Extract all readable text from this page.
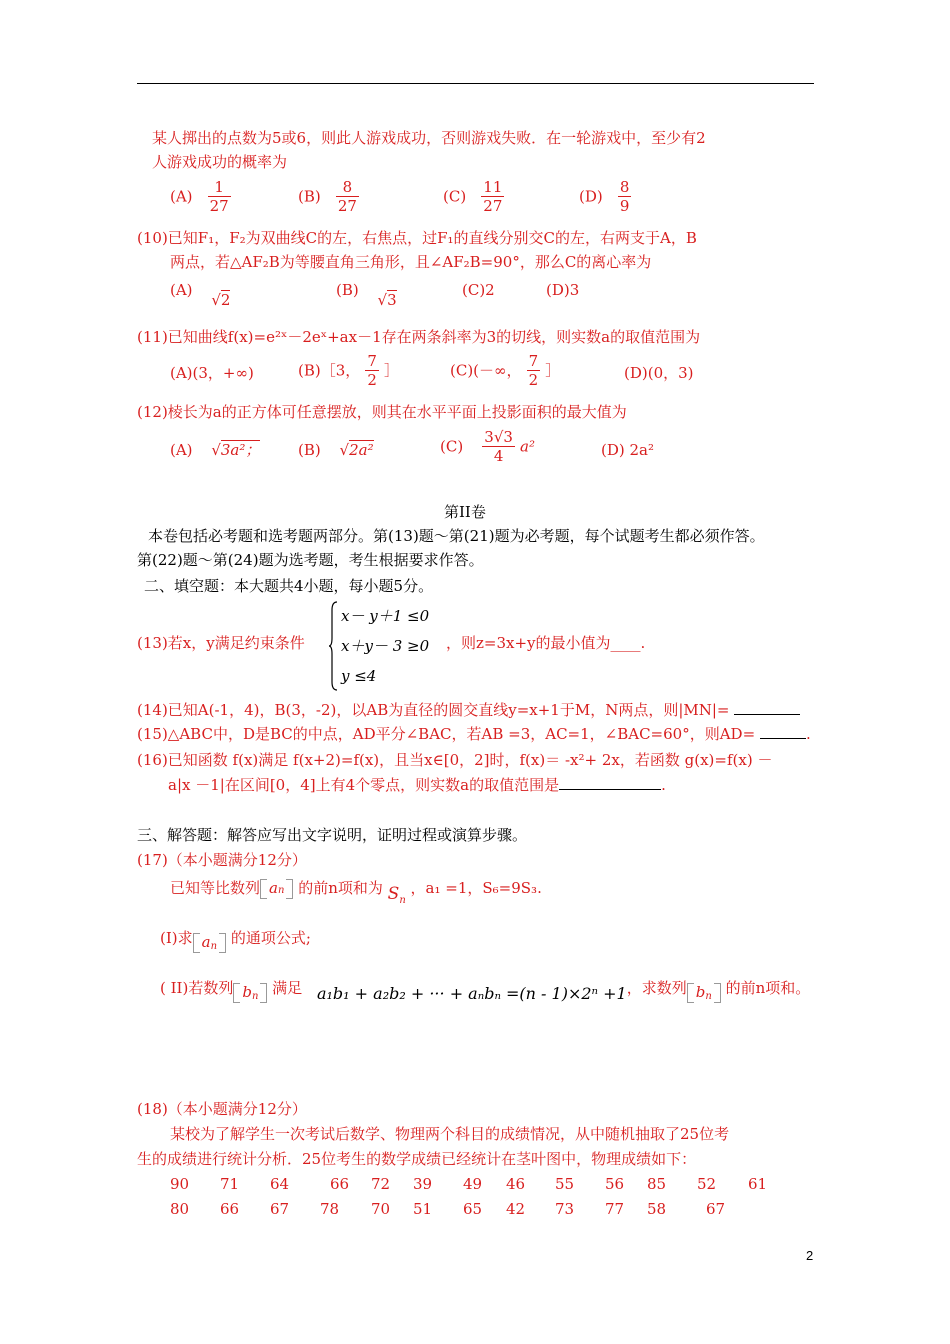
某人掷出的点数为5或6，则此人游戏成功，否则游戏失败．在一轮游戏中，至少有2
人游戏成功的概率为
$(A) \frac{1}{27}$	$(B) \frac{8}{27}$	$(C) \frac{11}{27}$	$(D) \frac{8}{9}$
(10)已知F₁，F₂为双曲线C的左，右焦点，过F₁的直线分别交C的左，右两支于A，B
两点，若△AF₂B为等腰直角三角形，且∠AF₂B=90°，那么C的离心率为
(A) √2
(B) √3
(C)2	(D)3
(11)已知曲线f(x)=e²ˣ－2eˣ+ax－1存在两条斜率为3的切线，则实数a的取值范围为
(A)(3，+∞)	(B)［3， $\frac{7}{2}$ ］	(C)(－∞， $\frac{7}{2}$ ］	(D)(0，3)
(12)棱长为a的正方体可任意摆放，则其在水平平面上投影面积的最大值为
(A) √3a²；	(B) √2a²	$(C) \frac{3√3}{4} a^2$	(D) 2a²
第II卷
本卷包括必考题和选考题两部分。第(13)题～第(21)题为必考题，每个试题考生都必须作答。
第(22)题～第(24)题为选考题，考生根据要求作答。
二、填空题：本大题共4小题，每小题5分。
(13)若x，y满足约束条件
x－ y＋1 ≤0
x＋y－ 3 ≥0
y ≤4
，则z=3x+y的最小值为____.
(14)已知A(-1，4)，B(3，-2)，以AB为直径的圆交直线y=x+1于M，N两点，则|MN|=
(15)△ABC中，D是BC的中点，AD平分∠BAC，若AB =3，AC=1，∠BAC=60°，则AD=	.
(16)已知函数 f(x)满足 f(x+2)=f(x)，且当x∈[0，2]时，f(x)＝ -x²+ 2x，若函数 g(x)=f(x) －
a|x －1|在区间[0，4]上有4个零点，则实数a的取值范围是	.
三、解答题：解答应写出文字说明，证明过程或演算步骤。
(17)（本小题满分12分）
已知等比数列 an 的前n项和为 $S_n$ ，a₁ =1，S₆=9S₃.
(I)求 $a_n$ 的通项公式;
( II)若数列 $b_n$ 满足 a₁b₁ + a₂b₂ + ··· + aₙbₙ =(n - 1)×2ⁿ +1，求数列 $b_n$ 的前n项和。
(18)（本小题满分12分）
某校为了解学生一次考试后数学、物理两个科目的成绩情况，从中随机抽取了25位考
生的成绩进行统计分析．25位考生的数学成绩已经统计在茎叶图中，物理成绩如下：
90 71 64	66 72 39 49 46 55 56 85 52 61
80 66 67 78 70 51 65 42 73 77 58	67
2
